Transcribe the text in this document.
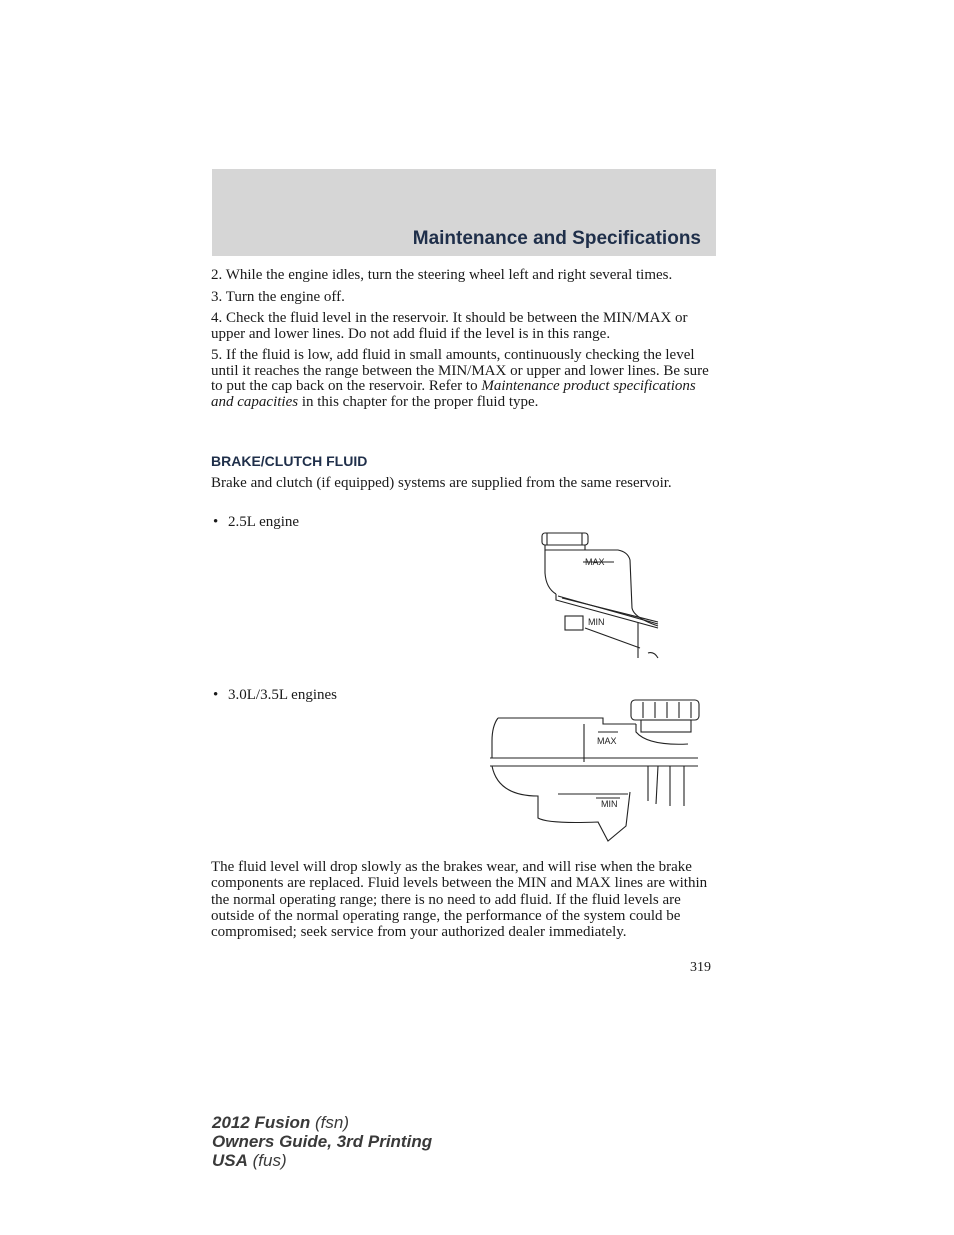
Maintenance and Specifications

2. While the engine idles, turn the steering wheel left and right several times.

3. Turn the engine off.

4. Check the fluid level in the reservoir. It should be between the MIN/MAX or upper and lower lines. Do not add fluid if the level is in this range.

5. If the fluid is low, add fluid in small amounts, continuously checking the level until it reaches the range between the MIN/MAX or upper and lower lines. Be sure to put the cap back on the reservoir. Refer to Maintenance product specifications and capacities in this chapter for the proper fluid type.

BRAKE/CLUTCH FLUID

Brake and clutch (if equipped) systems are supplied from the same reservoir.

• 2.5L engine
MAX
MIN
• 3.0L/3.5L engines
MAX
MIN

The fluid level will drop slowly as the brakes wear, and will rise when the brake components are replaced. Fluid levels between the MIN and MAX lines are within the normal operating range; there is no need to add fluid. If the fluid levels are outside of the normal operating range, the performance of the system could be compromised; seek service from your authorized dealer immediately.

319
2012 Fusion (fsn)
Owners Guide, 3rd Printing
USA (fus)
